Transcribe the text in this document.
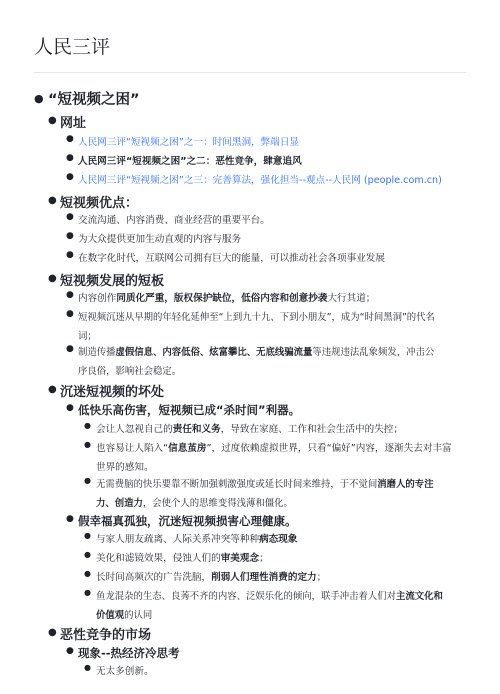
人民三评
● “短视频之困”
● 网址
● 人民网三评“短视频之困”之一：时间黑洞，弊端日显
● 人民网三评“短视频之困”之二：恶性竞争，肆意追风
● 人民网三评“短视频之困”之三：完善算法，强化担当--观点--人民网 (people.com.cn)
● 短视频优点：
● 交流沟通、内容消费、商业经营的重要平台。
● 为大众提供更加生动直观的内容与服务
● 在数字化时代，互联网公司拥有巨大的能量，可以推动社会各项事业发展
● 短视频发展的短板
● 内容创作同质化严重，版权保护缺位，低俗内容和创意抄袭大行其道；
● 短视频沉迷从早期的年轻化延伸至“上到九十九、下到小朋友”，成为“时间黑洞”的代名
词；
● 制造传播虚假信息、内容低俗、炫富攀比、无底线骗流量等违规违法乱象频发，冲击公
序良俗，影响社会稳定。
● 沉迷短视频的坏处
● 低快乐高伤害，短视频已成“杀时间”利器。
● 会让人忽视自己的责任和义务，导致在家庭、工作和社会生活中的失控；
● 也容易让人陷入“信息茧房”，过度依赖虚拟世界，只看“偏好”内容，逐渐失去对丰富
世界的感知。
● 无需费脑的快乐要靠不断加强刺激强度或延长时间来维持，于不觉间消磨人的专注
力、创造力，会使个人的思维变得浅薄和僵化。
● 假幸福真孤独，沉迷短视频损害心理健康。
● 与家人朋友疏离、人际关系冲突等种种病态现象
● 美化和滤镜效果，侵蚀人们的审美观念；
● 长时间高频次的广告洗脑，削弱人们理性消费的定力；
● 鱼龙混杂的生态、良莠不齐的内容、泛娱乐化的倾向，联手冲击着人们对主流文化和
价值观的认同
● 恶性竞争的市场
● 现象--热经济冷思考
● 无太多创新。
